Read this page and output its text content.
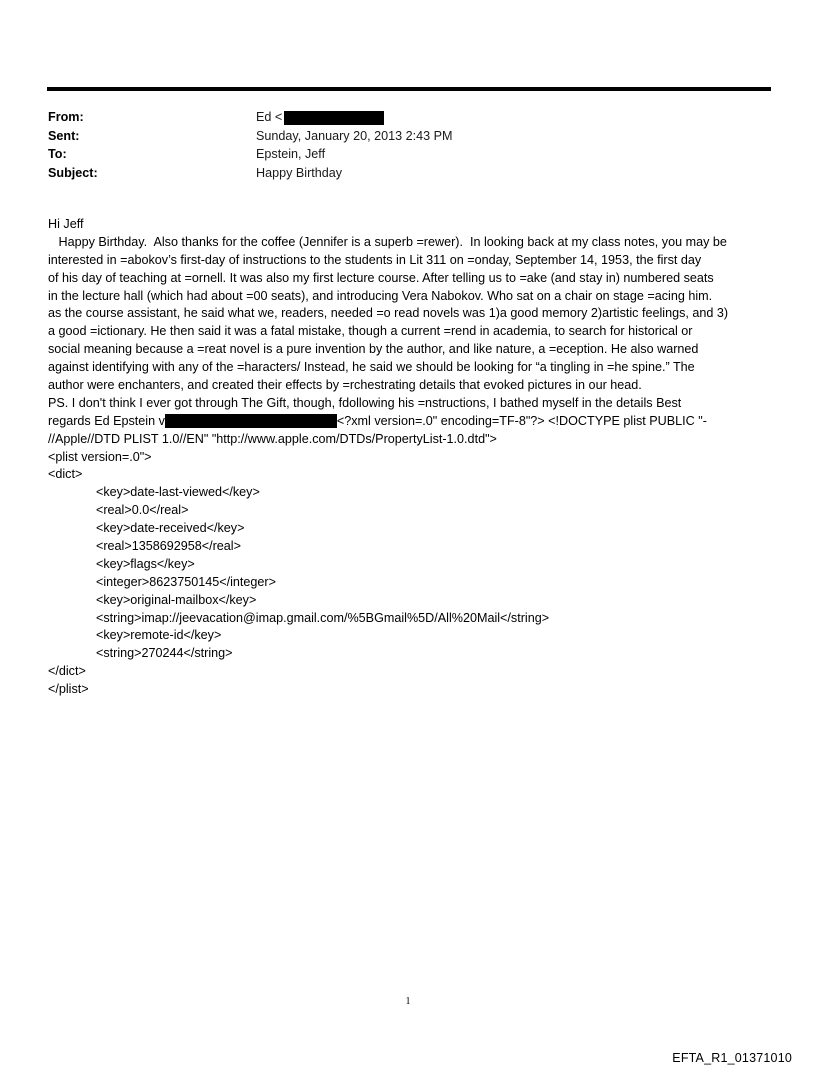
From:	Ed <
Sent:	Sunday, January 20, 2013 2:43 PM
To:	Epstein, Jeff
Subject:	Happy Birthday
Hi Jeff
Happy Birthday.  Also thanks for the coffee (Jennifer is a superb =rewer).  In looking back at my class notes, you may be
interested in =abokov’s first-day of instructions to the students in Lit 311 on =onday, September 14, 1953, the first day
of his day of teaching at =ornell. It was also my first lecture course. After telling us to =ake (and stay in) numbered seats
in the lecture hall (which had about =00 seats), and introducing Vera Nabokov. Who sat on a chair on stage =acing him.
as the course assistant, he said what we, readers, needed =o read novels was 1)a good memory 2)artistic feelings, and 3)
a good =ictionary. He then said it was a fatal mistake, though a current =rend in academia, to search for historical or
social meaning because a =reat novel is a pure invention by the author, and like nature, a =eception. He also warned
against identifying with any of the =haracters/ Instead, he said we should be looking for “a tingling in =he spine.” The
author were enchanters, and created their effects by =rchestrating details that evoked pictures in our head.
PS. I don't think I ever got through The Gift, though, fdollowing his =nstructions, I bathed myself in the details Best
regards Ed Epstein v	<?xml version=.0" encoding=TF-8"?> <!DOCTYPE plist PUBLIC "-
//Apple//DTD PLIST 1.0//EN" "http://www.apple.com/DTDs/PropertyList-1.0.dtd">
<plist version=.0">
<dict>
<key>date-last-viewed</key>
<real>0.0</real>
<key>date-received</key>
<real>1358692958</real>
<key>flags</key>
<integer>8623750145</integer>
<key>original-mailbox</key>
<string>imap://jeevacation@imap.gmail.com/%5BGmail%5D/All%20Mail</string>
<key>remote-id</key>
<string>270244</string>
</dict>
</plist>
1
EFTA_R1_01371010
